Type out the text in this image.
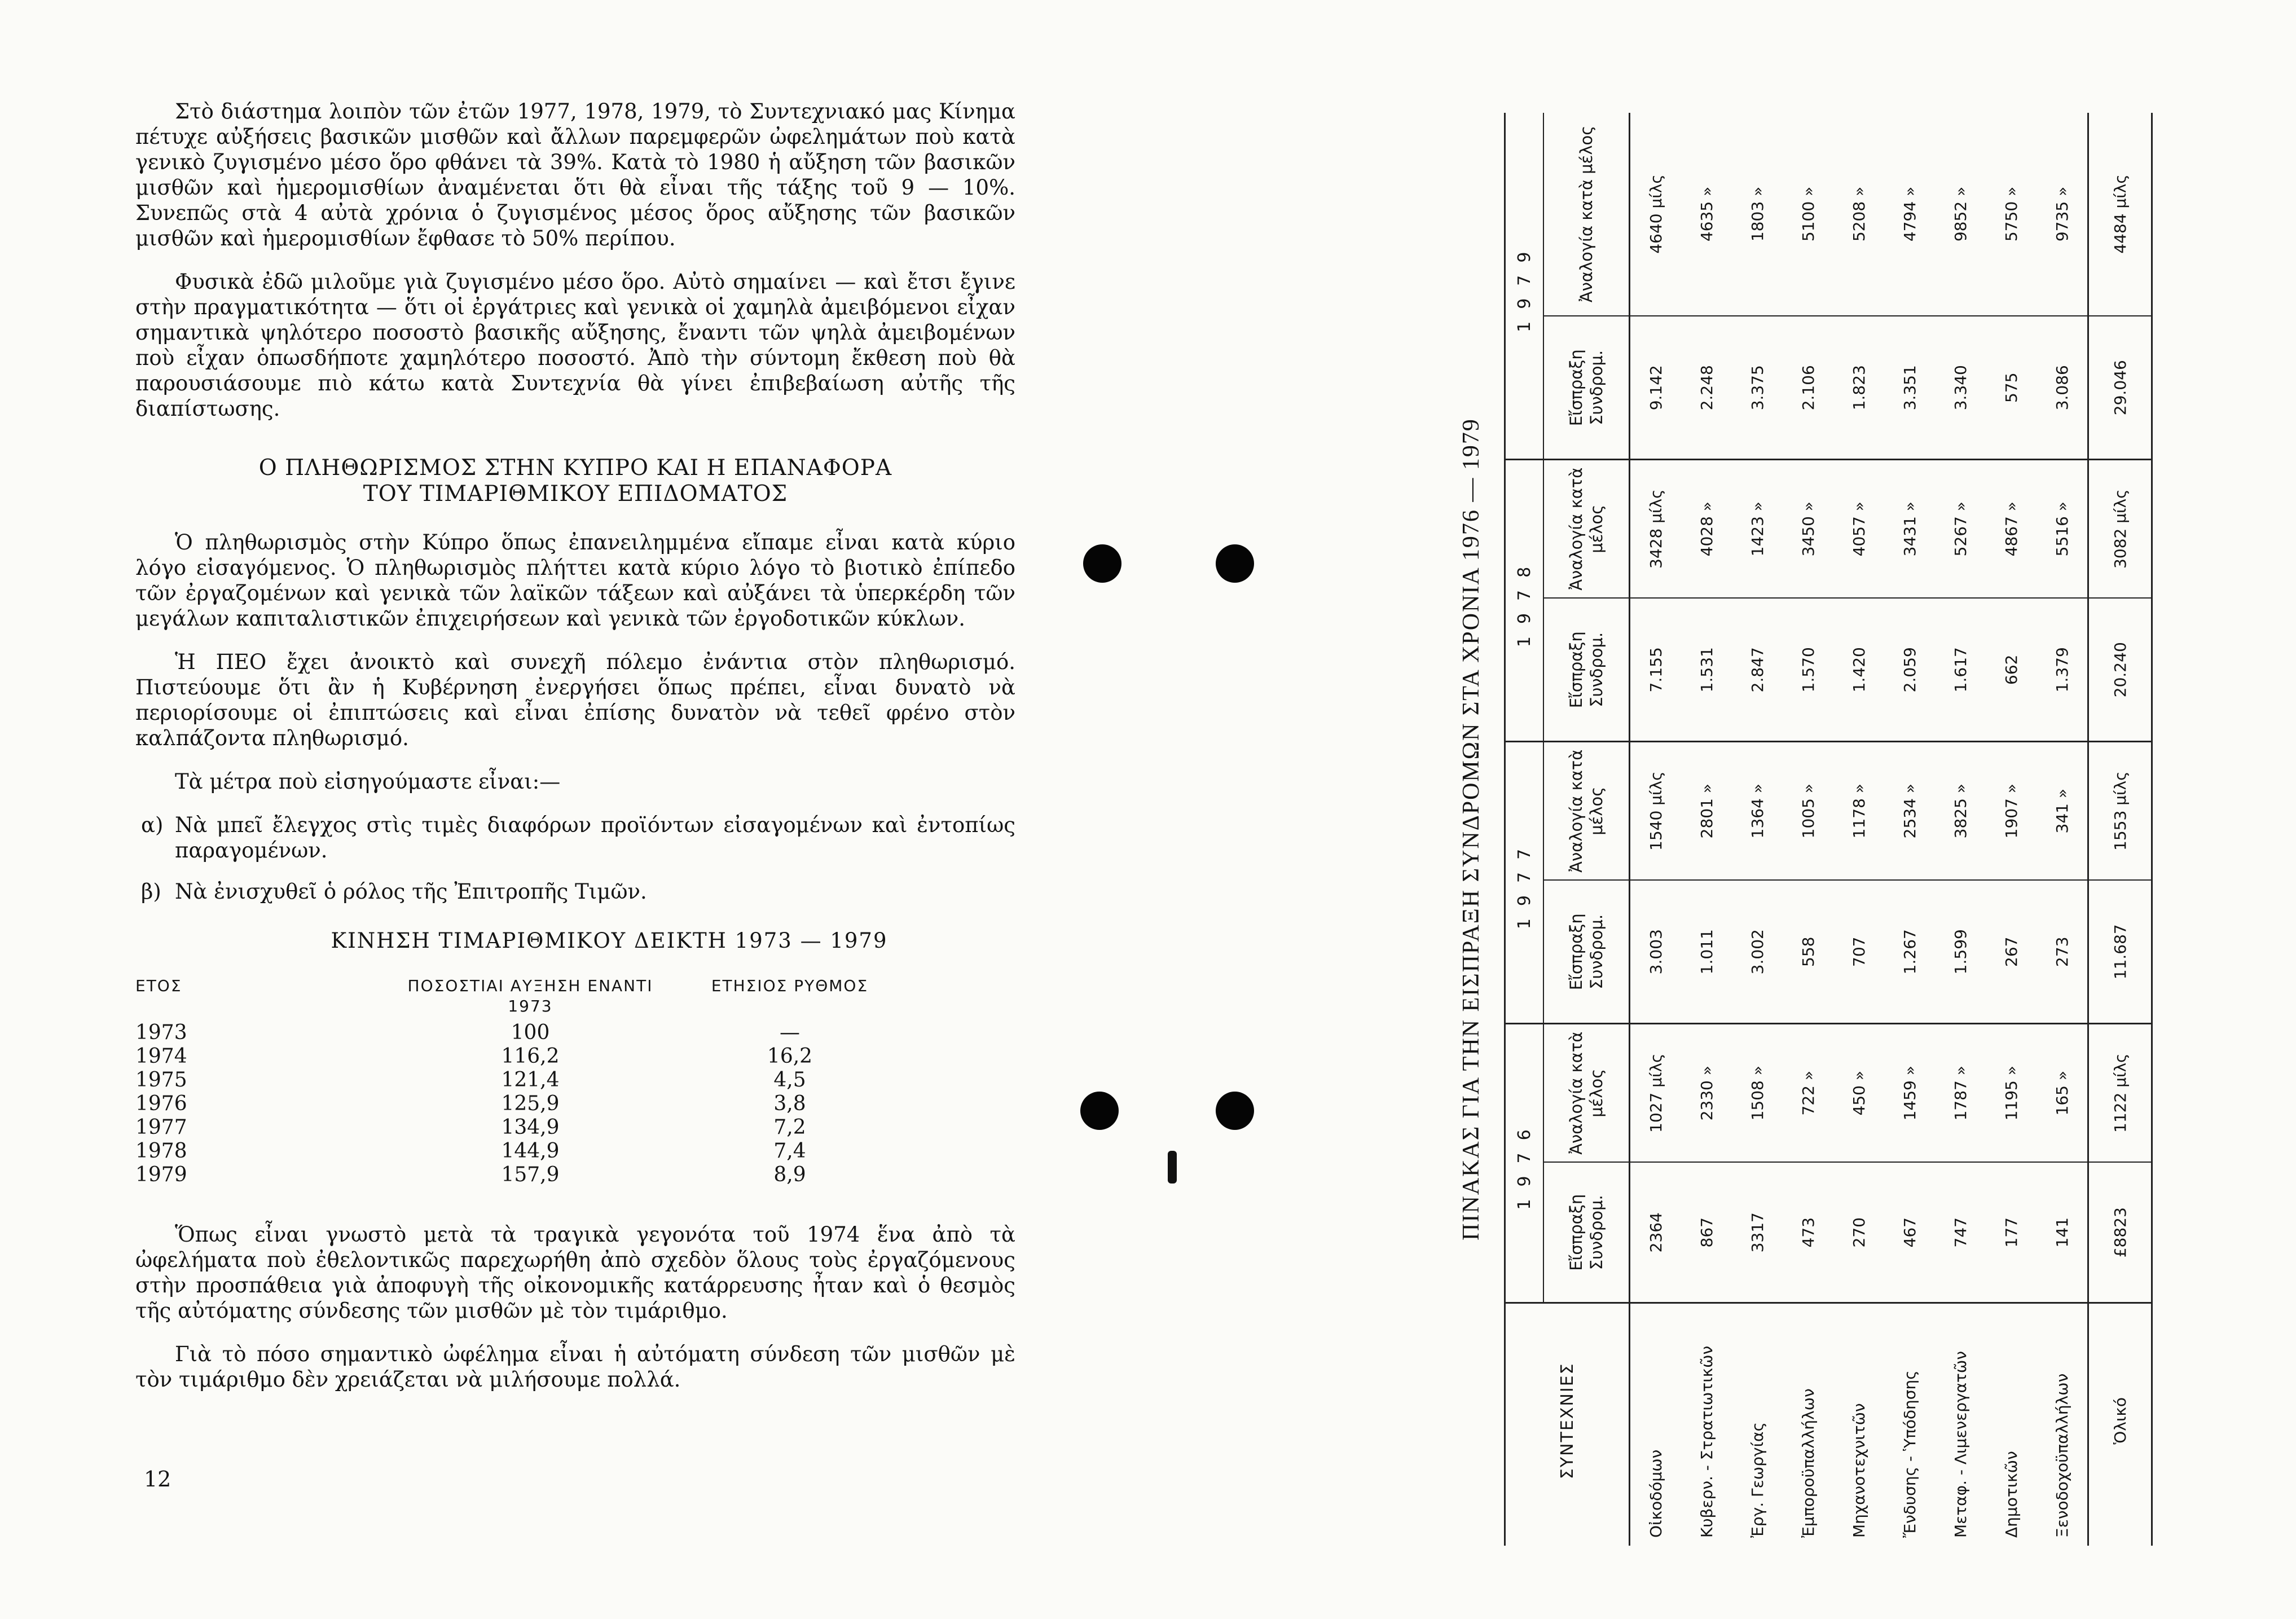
Στὸ διάστημα λοιπὸν τῶν ἐτῶν 1977, 1978, 1979, τὸ Συντεχνιακό μας Κίνημα πέτυχε αὐξήσεις βασικῶν μισθῶν καὶ ἄλλων παρεμφερῶν ὠφελημάτων ποὺ κατὰ γενικὸ ζυγισμένο μέσο ὅρο φθάνει τὰ 39%. Κατὰ τὸ 1980 ἡ αὔξηση τῶν βασικῶν μισθῶν καὶ ἡμερομισθίων ἀναμένεται ὅτι θὰ εἶναι τῆς τάξης τοῦ 9 — 10%. Συνεπῶς στὰ 4 αὐτὰ χρόνια ὁ ζυγισμένος μέσος ὅρος αὔξησης τῶν βασικῶν μισθῶν καὶ ἡμερομισθίων ἔφθασε τὸ 50% περίπου.

Φυσικὰ ἐδῶ μιλοῦμε γιὰ ζυγισμένο μέσο ὅρο. Αὐτὸ σημαίνει — καὶ ἔτσι ἔγινε στὴν πραγματικότητα — ὅτι οἱ ἐργάτριες καὶ γενικὰ οἱ χαμηλὰ ἀμειβόμενοι εἶχαν σημαντικὰ ψηλότερο ποσοστὸ βασικῆς αὔξησης, ἔναντι τῶν ψηλὰ ἀμειβομένων ποὺ εἶχαν ὁπωσδήποτε χαμηλότερο ποσοστό. Ἀπὸ τὴν σύντομη ἔκθεση ποὺ θὰ παρουσιάσουμε πιὸ κάτω κατὰ Συντεχνία θὰ γίνει ἐπιβεβαίωση αὐτῆς τῆς διαπίστωσης.

Ο ΠΛΗΘΩΡΙΣΜΟΣ ΣΤΗΝ ΚΥΠΡΟ ΚΑΙ Η ΕΠΑΝΑΦΟΡΑ
ΤΟΥ ΤΙΜΑΡΙΘΜΙΚΟΥ ΕΠΙΔΟΜΑΤΟΣ

Ὁ πληθωρισμὸς στὴν Κύπρο ὅπως ἐπανειλημμένα εἴπαμε εἶναι κατὰ κύριο λόγο εἰσαγόμενος. Ὁ πληθωρισμὸς πλήττει κατὰ κύριο λόγο τὸ βιοτικὸ ἐπίπεδο τῶν ἐργαζομένων καὶ γενικὰ τῶν λαϊκῶν τάξεων καὶ αὐξάνει τὰ ὑπερκέρδη τῶν μεγάλων καπιταλιστικῶν ἐπιχειρήσεων καὶ γενικὰ τῶν ἐργοδοτικῶν κύκλων.

Ἡ ΠΕΟ ἔχει ἀνοικτὸ καὶ συνεχῆ πόλεμο ἐνάντια στὸν πληθωρισμό. Πιστεύουμε ὅτι ἂν ἡ Κυβέρνηση ἐνεργήσει ὅπως πρέπει, εἶναι δυνατὸ νὰ περιορίσουμε οἱ ἐπιπτώσεις καὶ εἶναι ἐπίσης δυνατὸν νὰ τεθεῖ φρένο στὸν καλπάζοντα πληθωρισμό.

Τὰ μέτρα ποὺ εἰσηγούμαστε εἶναι:—

α) Νὰ μπεῖ ἔλεγχος στὶς τιμὲς διαφόρων προϊόντων εἰσαγομένων καὶ ἐντοπίως παραγομένων.
β) Νὰ ἐνισχυθεῖ ὁ ρόλος τῆς Ἐπιτροπῆς Τιμῶν.
ΚΙΝΗΣΗ ΤΙΜΑΡΙΘΜΙΚΟΥ ΔΕΙΚΤΗ 1973 — 1979
ΕΤΟΣ	ΠΟΣΟΣΤΙΑΙ ΑΥΞΗΣΗ ΕΝΑΝΤΙ 1973	ΕΤΗΣΙΟΣ ΡΥΘΜΟΣ
1973	100	—
1974	116,2	16,2
1975	121,4	4,5
1976	125,9	3,8
1977	134,9	7,2
1978	144,9	7,4
1979	157,9	8,9

Ὅπως εἶναι γνωστὸ μετὰ τὰ τραγικὰ γεγονότα τοῦ 1974 ἕνα ἀπὸ τὰ ὠφελήματα ποὺ ἐθελοντικῶς παρεχωρήθη ἀπὸ σχεδὸν ὅλους τοὺς ἐργαζόμενους στὴν προσπάθεια γιὰ ἀποφυγὴ τῆς οἰκονομικῆς κατάρρευσης ἦταν καὶ ὁ θεσμὸς τῆς αὐτόματης σύνδεσης τῶν μισθῶν μὲ τὸν τιμάριθμο.

Γιὰ τὸ πόσο σημαντικὸ ὠφέλημα εἶναι ἡ αὐτόματη σύνδεση τῶν μισθῶν μὲ τὸν τιμάριθμο δὲν χρειάζεται νὰ μιλήσουμε πολλά.

12
ΠΙΝΑΚΑΣ ΓΙΑ ΤΗΝ ΕΙΣΠΡΑΞΗ ΣΥΝΔΡΟΜΩΝ ΣΤΑ ΧΡΟΝΙΑ 1976 — 1979
ΣΥΝΤΕΧΝΙΕΣ	1976		1977		1978		1979	
	Εἴσπραξη Συνδρομ.	Ἀναλογία κατὰ μέλος	Εἴσπραξη Συνδρομ.	Ἀναλογία κατὰ μέλος	Εἴσπραξη Συνδρομ.	Ἀναλογία κατὰ μέλος	Εἴσπραξη Συνδρομ.	Ἀναλογία κατὰ μέλος
Οἰκοδόμων	2364	1027 μίλς	3.003	1540 μίλς	7.155	3428 μίλς	9.142	4640 μίλς
Κυβερν. - Στρατιωτικῶν	867	2330 »	1.011	2801 »	1.531	4028 »	2.248	4635 »
Ἐργ. Γεωργίας	3317	1508 »	3.002	1364 »	2.847	1423 »	3.375	1803 »
Ἐμποροϋπαλλήλων	473	722 »	558	1005 »	1.570	3450 »	2.106	5100 »
Μηχανοτεχνιτῶν	270	450 »	707	1178 »	1.420	4057 »	1.823	5208 »
Ἔνδυσης - Ὑπόδησης	467	1459 »	1.267	2534 »	2.059	3431 »	3.351	4794 »
Μεταφ. - Λιμενεργατῶν	747	1787 »	1.599	3825 »	1.617	5267 »	3.340	9852 »
Δημοτικῶν	177	1195 »	267	1907 »	662	4867 »	575	5750 »
Ξενοδοχοϋπαλλήλων	141	165 »	273	341 »	1.379	5516 »	3.086	9735 »
Ὁλικό	£8823	1122 μίλς	11.687	1553 μίλς	20.240	3082 μίλς	29.046	4484 μίλς
